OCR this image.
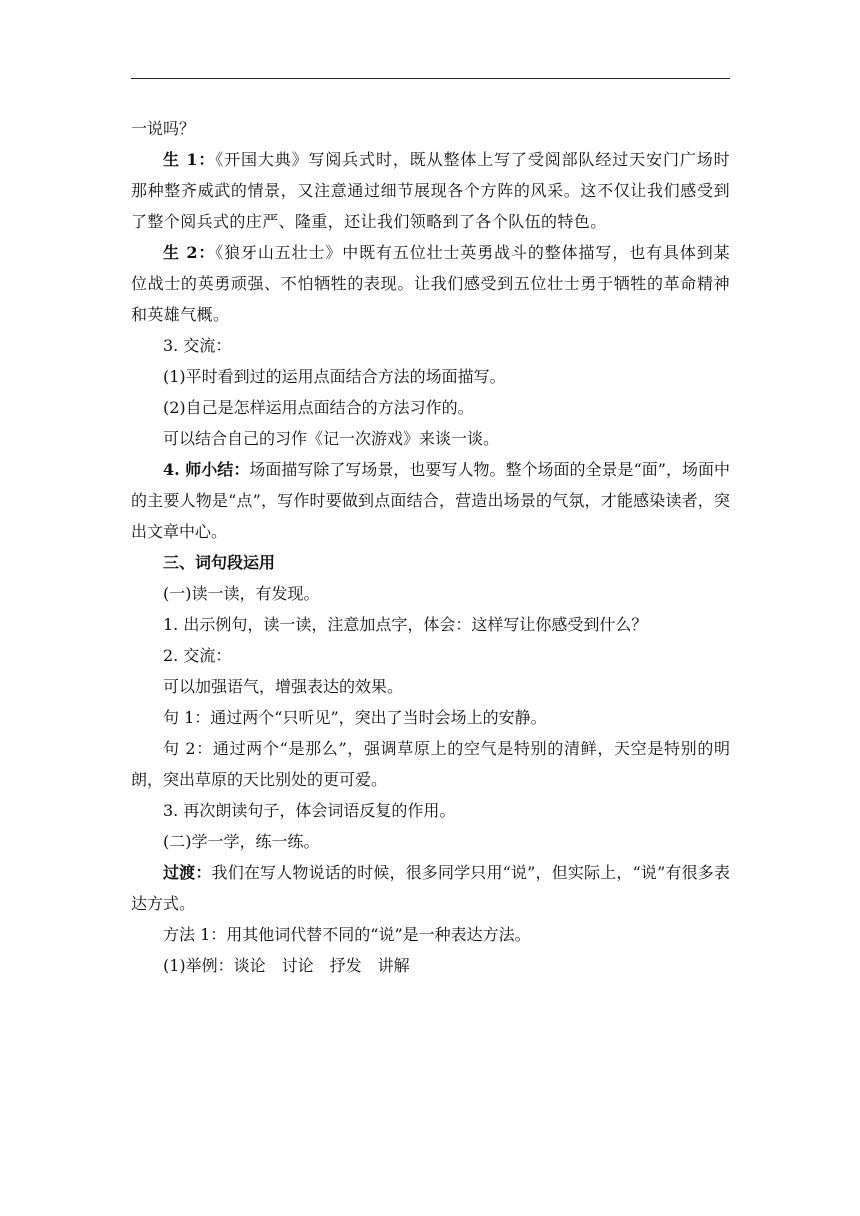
一说吗？

生 1：《开国大典》写阅兵式时，既从整体上写了受阅部队经过天安门广场时那种整齐威武的情景，又注意通过细节展现各个方阵的风采。这不仅让我们感受到了整个阅兵式的庄严、隆重，还让我们领略到了各个队伍的特色。

生 2：《狼牙山五壮士》中既有五位壮士英勇战斗的整体描写，也有具体到某位战士的英勇顽强、不怕牺牲的表现。让我们感受到五位壮士勇于牺牲的革命精神和英雄气概。

3. 交流：

(1)平时看到过的运用点面结合方法的场面描写。

(2)自己是怎样运用点面结合的方法习作的。

可以结合自己的习作《记一次游戏》来谈一谈。

4. 师小结：场面描写除了写场景，也要写人物。整个场面的全景是“面”，场面中的主要人物是“点”，写作时要做到点面结合，营造出场景的气氛，才能感染读者，突出文章中心。

三、词句段运用

(一)读一读，有发现。

1. 出示例句，读一读，注意加点字，体会：这样写让你感受到什么？

2. 交流：

可以加强语气，增强表达的效果。

句 1：通过两个“只听见”，突出了当时会场上的安静。

句 2：通过两个“是那么”，强调草原上的空气是特别的清鲜，天空是特别的明朗，突出草原的天比别处的更可爱。

3. 再次朗读句子，体会词语反复的作用。

(二)学一学，练一练。

过渡：我们在写人物说话的时候，很多同学只用“说”，但实际上，“说”有很多表达方式。

方法 1：用其他词代替不同的“说”是一种表达方法。

(1)举例：谈论　讨论　抒发　讲解
